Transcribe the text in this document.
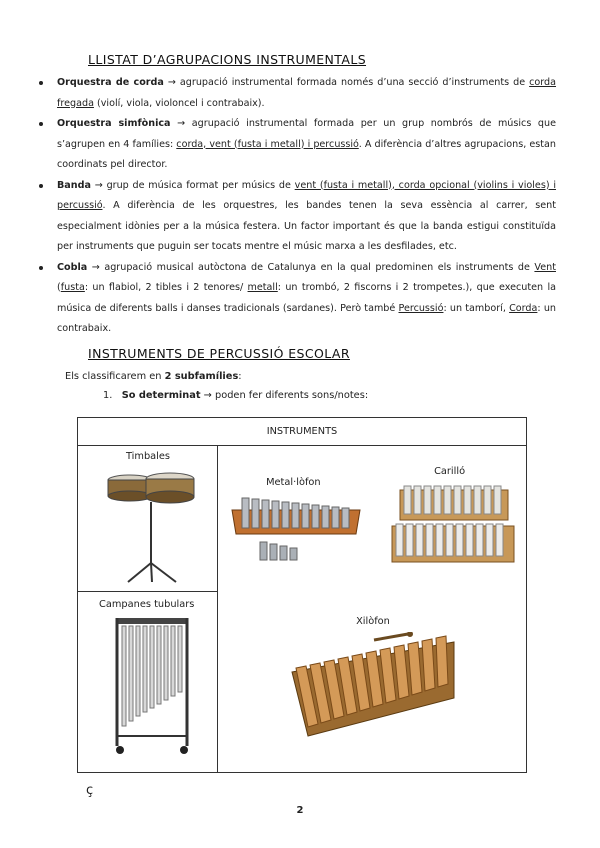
LLISTAT D’AGRUPACIONS INSTRUMENTALS
Orquestra de corda → agrupació instrumental formada només d’una secció d’instruments de corda fregada (violí, viola, violoncel i contrabaix).
Orquestra simfònica → agrupació instrumental formada per un grup nombrós de músics que s’agrupen en 4 famílies: corda, vent (fusta i metall) i percussió. A diferència d’altres agrupacions, estan coordinats pel director.
Banda → grup de música format per músics de vent (fusta i metall), corda opcional (violins i violes) i percussió. A diferència de les orquestres, les bandes tenen la seva essència al carrer, sent especialment idònies per a la música festera. Un factor important és que la banda estigui constituïda per instruments que puguin ser tocats mentre el músic marxa a les desfilades, etc.
Cobla → agrupació musical autòctona de Catalunya en la qual predominen els instruments de Vent (fusta: un flabiol, 2 tibles i 2 tenores/ metall: un trombó, 2 fiscorns i 2 trompetes.), que executen la música de diferents balls i danses tradicionals (sardanes). Però també Percussió: un tamborí, Corda: un contrabaix.
INSTRUMENTS DE PERCUSSIÓ ESCOLAR
Els classificarem en 2 subfamílies:
1. So determinat → poden fer diferents sons/notes:
INSTRUMENTS

Timbales

Metal·lòfon
Carilló
Xilòfon

Campanes tubulars
ç
2
